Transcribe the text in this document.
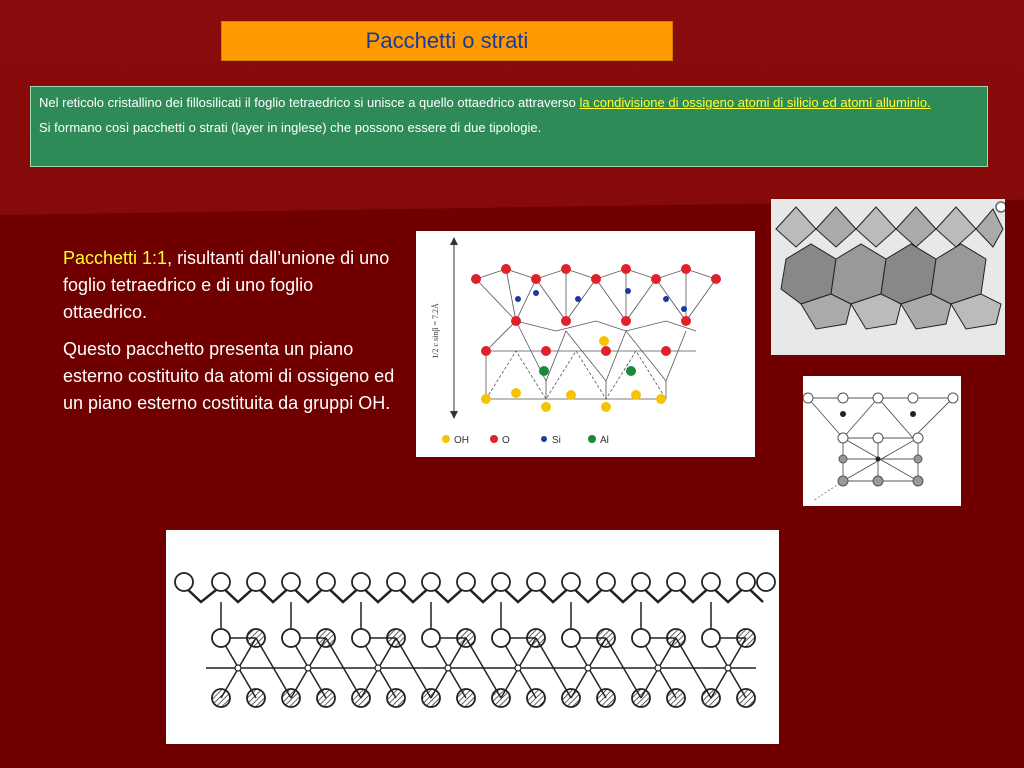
Pacchetti o strati

Nel reticolo cristallino dei fillosilicati il foglio tetraedrico si unisce a quello ottaedrico attraverso la condivisione di ossigeno atomi di silicio ed atomi alluminio.

Si formano così pacchetti o strati (layer in inglese) che possono essere di due tipologie.

Pacchetti 1:1, risultanti dall’unione di uno foglio tetraedrico e di uno foglio ottaedrico.

Questo pacchetto presenta un piano esterno costituito da atomi di ossigeno ed un piano esterno costituita da gruppi OH.

1/2 c sinβ = 7.2Å
OH	O	Si	Al
